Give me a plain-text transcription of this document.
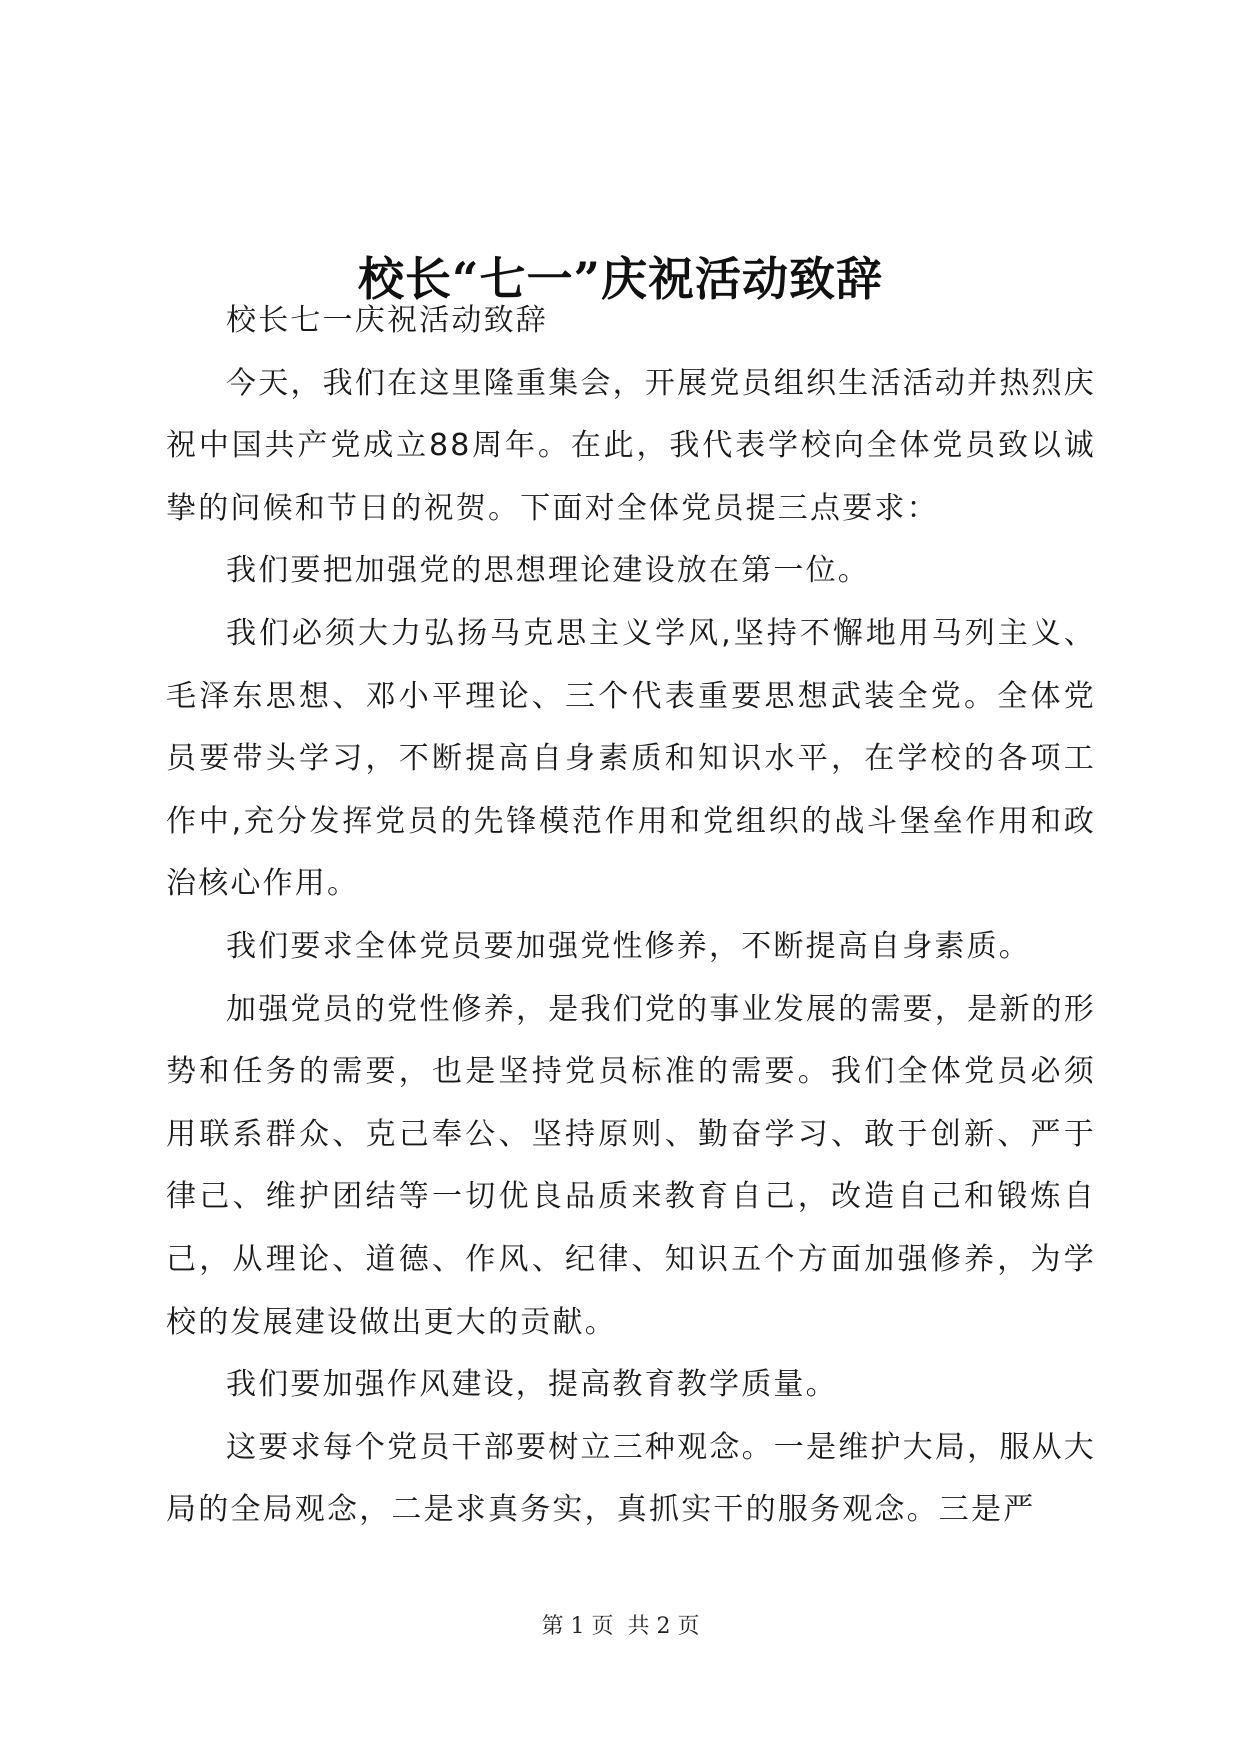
校长“七一”庆祝活动致辞

校长七一庆祝活动致辞

今天，我们在这里隆重集会，开展党员组织生活活动并热烈庆祝中国共产党成立88周年。在此，我代表学校向全体党员致以诚挚的问候和节日的祝贺。下面对全体党员提三点要求：

我们要把加强党的思想理论建设放在第一位。

我们必须大力弘扬马克思主义学风,坚持不懈地用马列主义、毛泽东思想、邓小平理论、三个代表重要思想武装全党。全体党员要带头学习，不断提高自身素质和知识水平，在学校的各项工作中,充分发挥党员的先锋模范作用和党组织的战斗堡垒作用和政治核心作用。

我们要求全体党员要加强党性修养，不断提高自身素质。

加强党员的党性修养，是我们党的事业发展的需要，是新的形势和任务的需要，也是坚持党员标准的需要。我们全体党员必须用联系群众、克己奉公、坚持原则、勤奋学习、敢于创新、严于律己、维护团结等一切优良品质来教育自己，改造自己和锻炼自己，从理论、道德、作风、纪律、知识五个方面加强修养，为学校的发展建设做出更大的贡献。

我们要加强作风建设，提高教育教学质量。

这要求每个党员干部要树立三种观念。一是维护大局，服从大局的全局观念，二是求真务实，真抓实干的服务观念。三是严

第 1 页  共 2 页
